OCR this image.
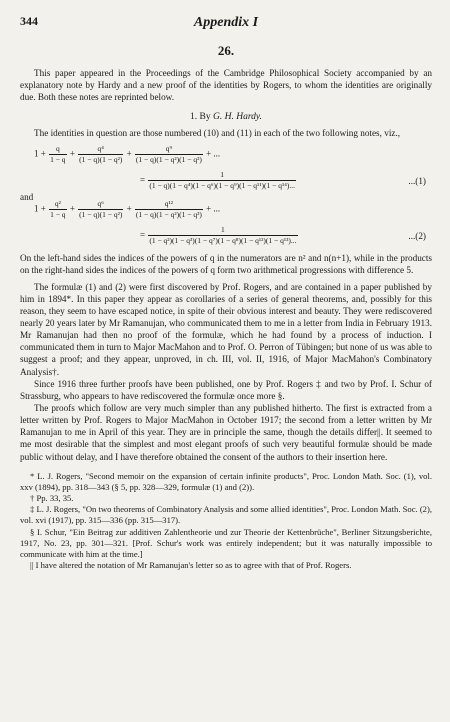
344	Appendix I
26.

This paper appeared in the Proceedings of the Cambridge Philosophical Society accompanied by an explanatory note by Hardy and a new proof of the identities by Rogers, to whom the identities are originally due. Both these notes are reprinted below.

1. By G. H. Hardy.

The identities in question are those numbered (10) and (11) in each of the two following notes, viz.,

$1 + \frac{q}{1 - q} + \frac{\text{q⁴}}{\text{(1 − q)(1 − q²)}} + \frac{\text{q⁹}}{\text{(1 − q)(1 − q²)(1 − q³)}}$ + ...
= $\frac{1}{\text{(1 − q)(1 − q⁴)(1 − q⁶)(1 − q⁹)(1 − q¹¹)(1 − q¹⁴)...}}$	...(1)
and
$1 + \frac{\text{q²}}{1 - q} + \frac{\text{q⁶}}{\text{(1 − q)(1 − q²)}} + \frac{\text{q¹²}}{\text{(1 − q)(1 − q²)(1 − q³)}}$ + ...
= $\frac{1}{\text{(1 − q²)(1 − q³)(1 − q⁷)(1 − q⁸)(1 − q¹²)(1 − q¹³)...}}$	...(2)

On the left-hand sides the indices of the powers of q in the numerators are n² and n(n+1), while in the products on the right-hand sides the indices of the powers of q form two arithmetical progressions with difference 5.

The formulæ (1) and (2) were first discovered by Prof. Rogers, and are contained in a paper published by him in 1894*. In this paper they appear as corollaries of a series of general theorems, and, possibly for this reason, they seem to have escaped notice, in spite of their obvious interest and beauty. They were rediscovered nearly 20 years later by Mr Ramanujan, who communicated them to me in a letter from India in February 1913. Mr Ramanujan had then no proof of the formulæ, which he had found by a process of induction. I communicated them in turn to Major MacMahon and to Prof. O. Perron of Tübingen; but none of us was able to suggest a proof; and they appear, unproved, in ch. III, vol. II, 1916, of Major MacMahon's Combinatory Analysis†.

Since 1916 three further proofs have been published, one by Prof. Rogers ‡ and two by Prof. I. Schur of Strassburg, who appears to have rediscovered the formulæ once more §.

The proofs which follow are very much simpler than any published hitherto. The first is extracted from a letter written by Prof. Rogers to Major MacMahon in October 1917; the second from a letter written by Mr Ramanujan to me in April of this year. They are in principle the same, though the details differ||. It seemed to me most desirable that the simplest and most elegant proofs of such very beautiful formulæ should be made public without delay, and I have therefore obtained the consent of the authors to their insertion here.

* L. J. Rogers, "Second memoir on the expansion of certain infinite products", Proc. London Math. Soc. (1), vol. xxv (1894), pp. 318—343 (§ 5, pp. 328—329, formulæ (1) and (2)).

† Pp. 33, 35.

‡ L. J. Rogers, "On two theorems of Combinatory Analysis and some allied identities", Proc. London Math. Soc. (2), vol. xvi (1917), pp. 315—336 (pp. 315—317).

§ I. Schur, "Ein Beitrag zur additiven Zahlentheorie und zur Theorie der Kettenbrüche", Berliner Sitzungsberichte, 1917, No. 23, pp. 301—321. [Prof. Schur's work was entirely independent; but it was naturally impossible to communicate with him at the time.]

|| I have altered the notation of Mr Ramanujan's letter so as to agree with that of Prof. Rogers.
